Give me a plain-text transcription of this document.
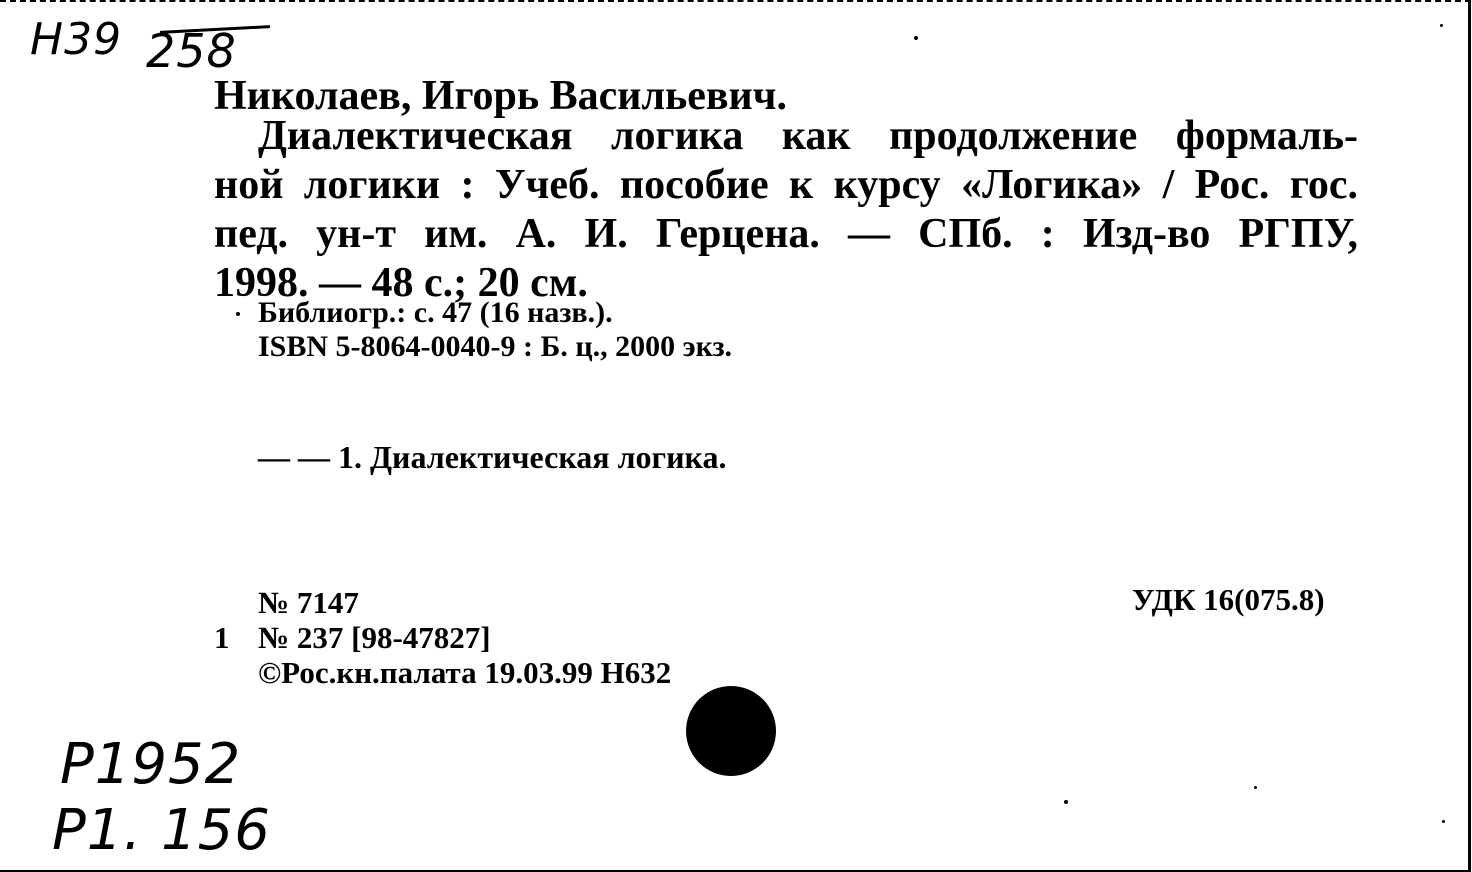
Н39 258
Николаев, Игорь Васильевич.
Диалектическая логика как продолжение формаль-
ной логики : Учеб. пособие к курсу «Логика» / Рос. гос.
пед. ун-т им. А. И. Герцена. — СПб. : Изд-во РГПУ,
1998. — 48 с.; 20 см.
Библиогр.: с. 47 (16 назв.).
ISBN 5-8064-0040-9 : Б. ц., 2000 экз.
— — 1. Диалектическая логика.
№ 7147
1 № 237 [98-47827]
©Рос.кн.палата 19.03.99 Н632
УДК 16(075.8)
Р1952
Р1. 156
